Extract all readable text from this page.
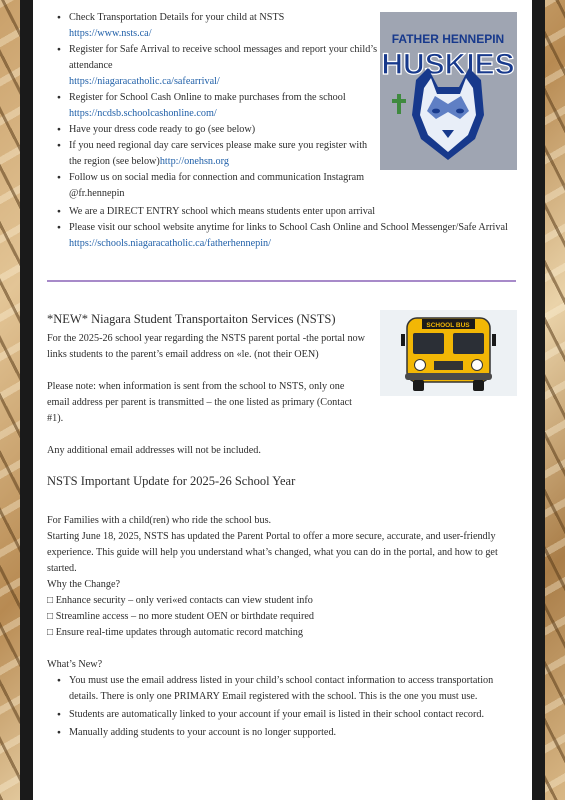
● Check Transportation Details for your child at NSTS
https://www.nsts.ca/
● Register for Safe Arrival to receive school messages and report your child’s attendance
https://niagaracatholic.ca/safearrival/
● Register for School Cash Online to make purchases from the school https://ncdsb.schoolcashonline.com/
● Have your dress code ready to go (see below)
● If you need regional day care services please make sure you register with the region (see below)http://onehsn.org
● Follow us on social media for connection and communication Instagram @fr.hennepin
● We are a DIRECT ENTRY school which means students enter upon arrival
● Please visit our school website anytime for links to School Cash Online and School Messenger/Safe Arrival https://schools.niagaracatholic.ca/fatherhennepin/
FATHER HENNEPIN
HUSKIES
*NEW* Niagara Student Transportaiton Services (NSTS)
For the 2025-26 school year regarding the NSTS parent portal -the portal now links students to the parent’s email address on «le. (not their OEN)
Please note: when information is sent from the school to NSTS, only one email address per parent is transmitted – the one listed as primary (Contact #1).
Any additional email addresses will not be included.
SCHOOL BUS
NSTS Important Update for 2025-26 School Year
For Families with a child(ren) who ride the school bus.
Starting June 18, 2025, NSTS has updated the Parent Portal to offer a more secure, accurate, and user-friendly experience. This guide will help you understand what’s changed, what you can do in the portal, and how to get started.
Why the Change?
□ Enhance security – only veri«ed contacts can view student info
□ Streamline access – no more student OEN or birthdate required
□ Ensure real-time updates through automatic record matching
What’s New?
● You must use the email address listed in your child’s school contact information to access transportation details. There is only one PRIMARY Email registered with the school. This is the one you must use.
● Students are automatically linked to your account if your email is listed in their school contact record.
● Manually adding students to your account is no longer supported.
